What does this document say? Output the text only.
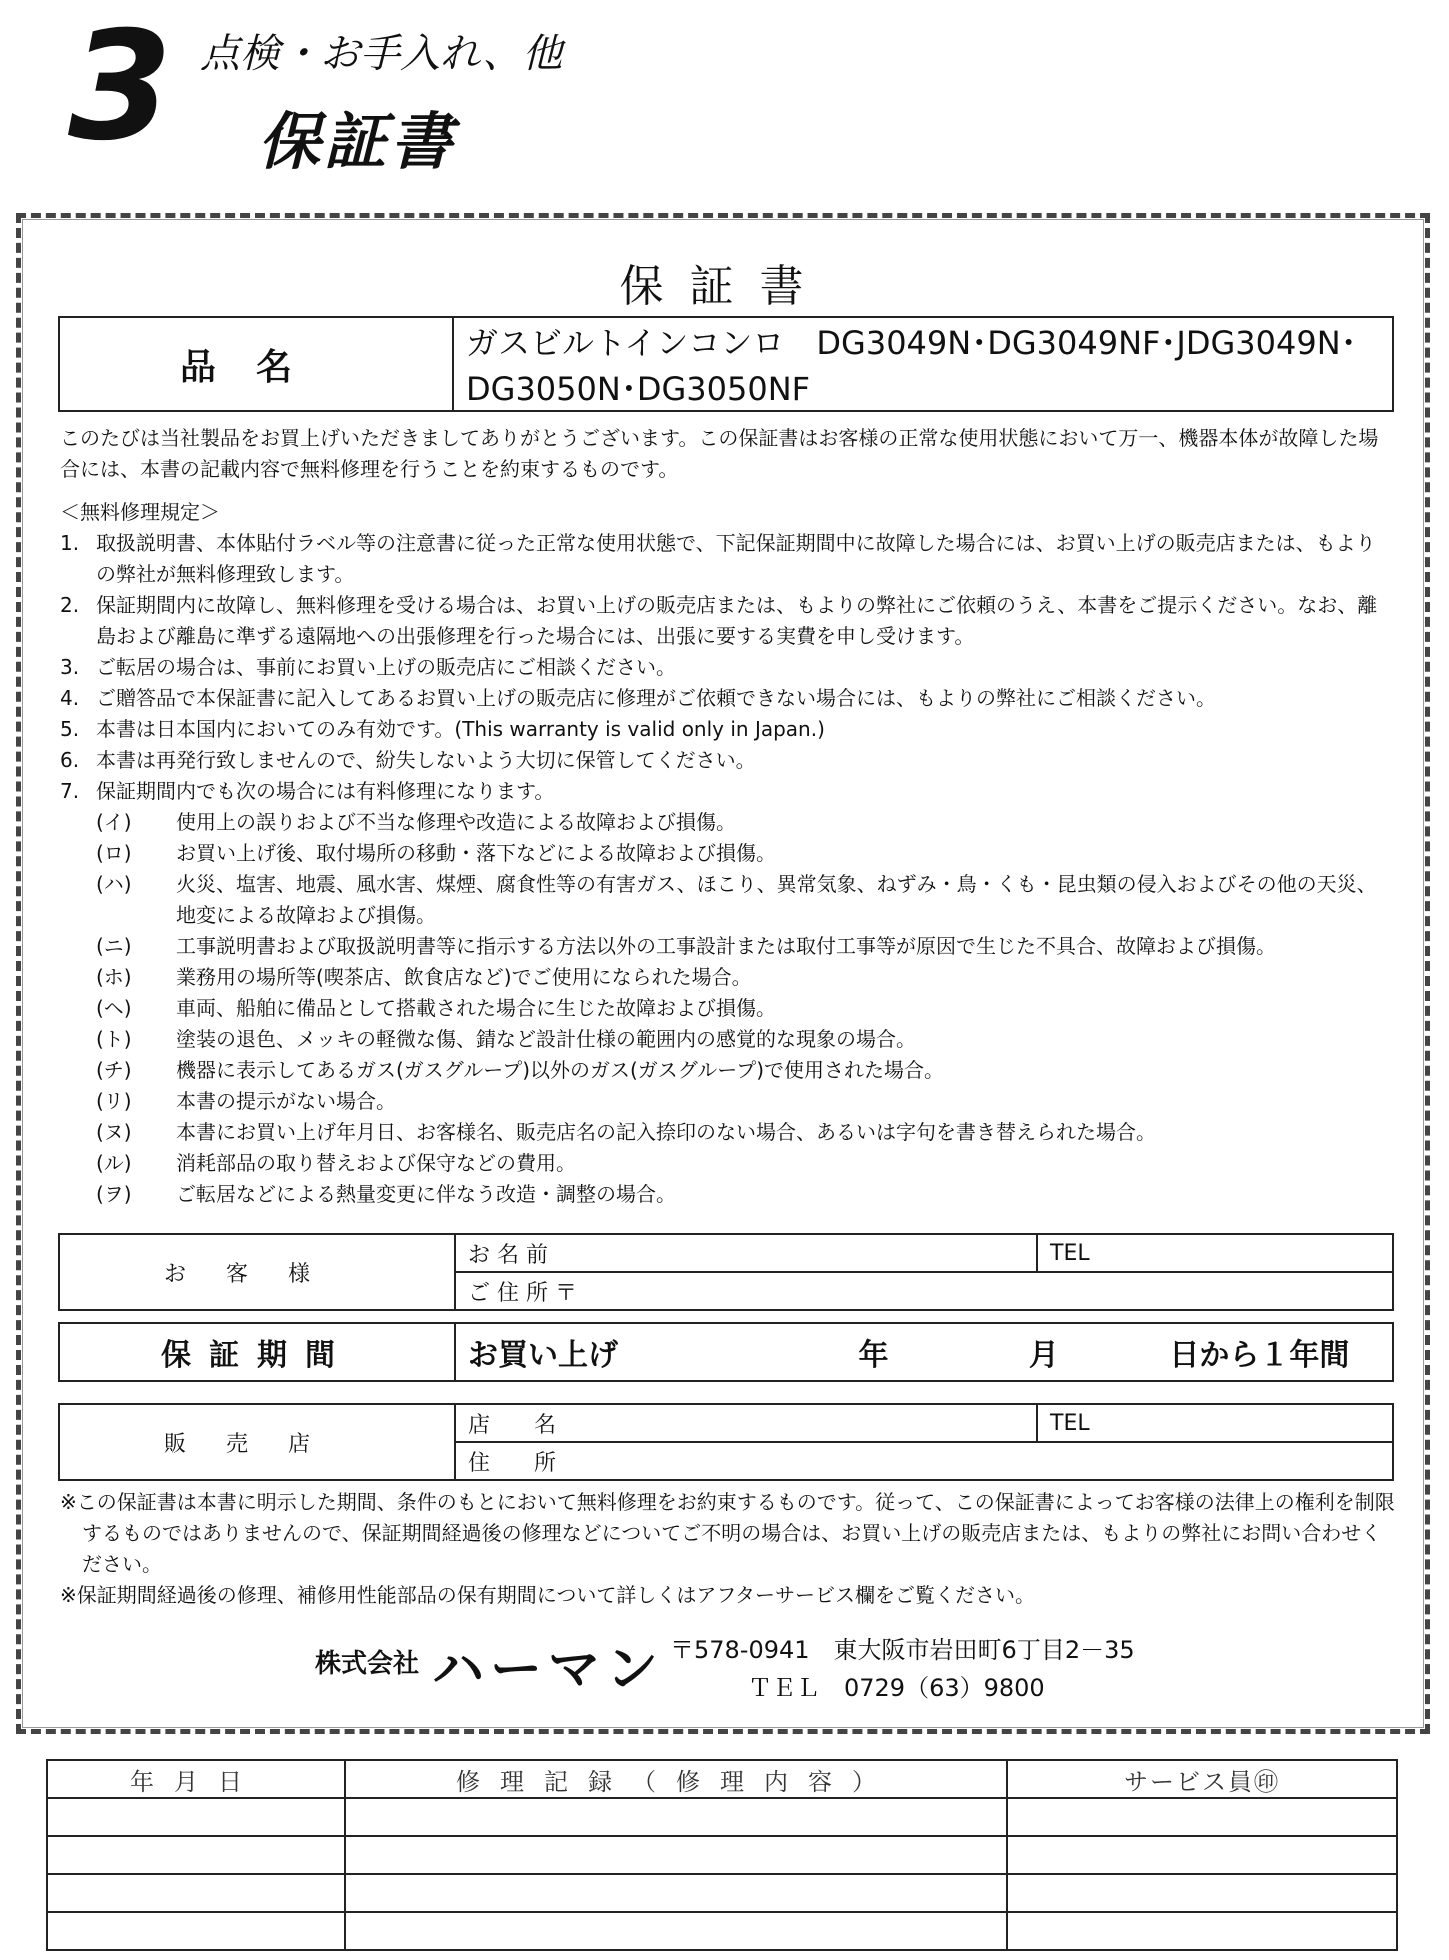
3 点検・お手入れ、他
保証書
保証書
品名	ガスビルトインコンロ　DG3049N･DG3049NF･JDG3049N･DG3050N･DG3050NF
このたびは当社製品をお買上げいただきましてありがとうございます。この保証書はお客様の正常な使用状態において万一、機器本体が故障した場合には、本書の記載内容で無料修理を行うことを約束するものです。
＜無料修理規定＞
1. 取扱説明書、本体貼付ラベル等の注意書に従った正常な使用状態で、下記保証期間中に故障した場合には、お買い上げの販売店または、もよりの弊社が無料修理致します。
2. 保証期間内に故障し、無料修理を受ける場合は、お買い上げの販売店または、もよりの弊社にご依頼のうえ、本書をご提示ください。なお、離島および離島に準ずる遠隔地への出張修理を行った場合には、出張に要する実費を申し受けます。
3. ご転居の場合は、事前にお買い上げの販売店にご相談ください。
4. ご贈答品で本保証書に記入してあるお買い上げの販売店に修理がご依頼できない場合には、もよりの弊社にご相談ください。
5. 本書は日本国内においてのみ有効です。(This warranty is valid only in Japan.)
6. 本書は再発行致しませんので、紛失しないよう大切に保管してください。
7. 保証期間内でも次の場合には有料修理になります。
(イ) 使用上の誤りおよび不当な修理や改造による故障および損傷。
(ロ) お買い上げ後、取付場所の移動・落下などによる故障および損傷。
(ハ) 火災、塩害、地震、風水害、煤煙、腐食性等の有害ガス、ほこり、異常気象、ねずみ・鳥・くも・昆虫類の侵入およびその他の天災、地変による故障および損傷。
(ニ) 工事説明書および取扱説明書等に指示する方法以外の工事設計または取付工事等が原因で生じた不具合、故障および損傷。
(ホ) 業務用の場所等(喫茶店、飲食店など)でご使用になられた場合。
(ヘ) 車両、船舶に備品として搭載された場合に生じた故障および損傷。
(ト) 塗装の退色、メッキの軽微な傷、錆など設計仕様の範囲内の感覚的な現象の場合。
(チ) 機器に表示してあるガス(ガスグループ)以外のガス(ガスグループ)で使用された場合。
(リ) 本書の提示がない場合。
(ヌ) 本書にお買い上げ年月日、お客様名、販売店名の記入捺印のない場合、あるいは字句を書き替えられた場合。
(ル) 消耗部品の取り替えおよび保守などの費用。
(ヲ) ご転居などによる熱量変更に伴なう改造・調整の場合。
お客様	お 名 前	TEL
ご 住 所 〒
保証期間	お買い上げ	年	月	日から１年間
販売店	店　　名	TEL
住　　所
※この保証書は本書に明示した期間、条件のもとにおいて無料修理をお約束するものです。従って、この保証書によってお客様の法律上の権利を制限するものではありませんので、保証期間経過後の修理などについてご不明の場合は、お買い上げの販売店または、もよりの弊社にお問い合わせください。
※保証期間経過後の修理、補修用性能部品の保有期間について詳しくはアフターサービス欄をご覧ください。
株式会社 ハーマン 〒578-0941　東大阪市岩田町6丁目2－35
ＴＥＬ　0729（63）9800
年月日	修理記録（修理内容）	サービス員㊞
